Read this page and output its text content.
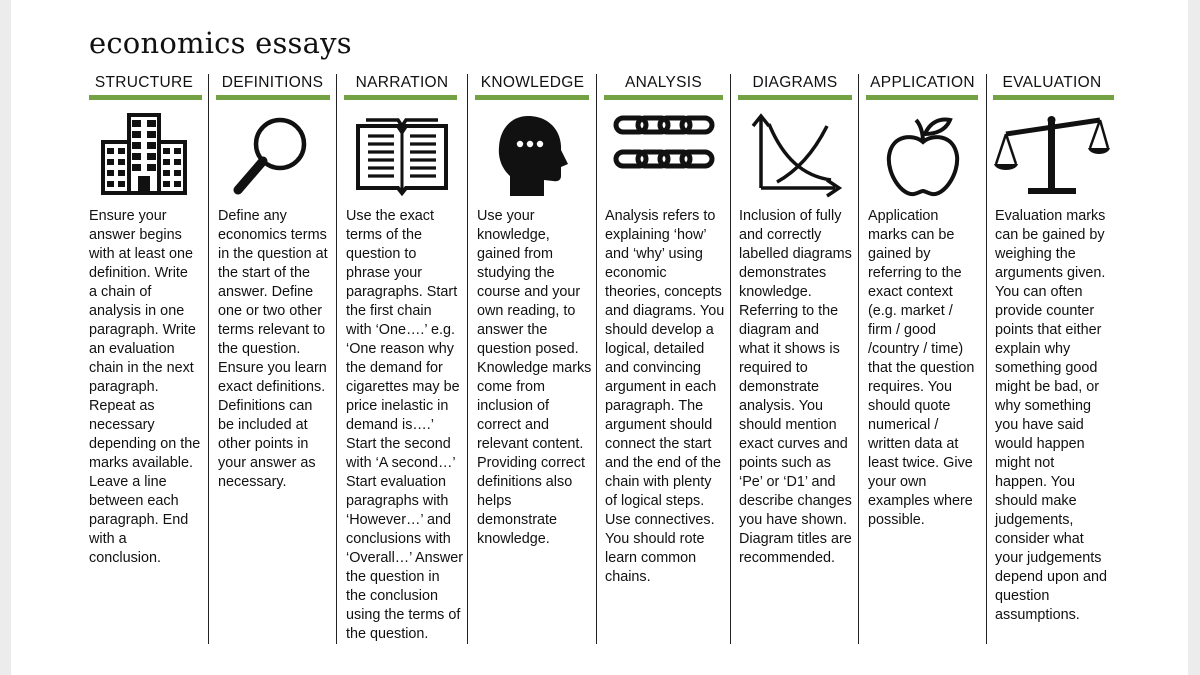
economics essays
STRUCTURE
Ensure your
answer begins
with at least one
definition. Write
a chain of
analysis in one
paragraph. Write
an evaluation
chain in the next
paragraph.
Repeat as
necessary
depending on the
marks available.
Leave a line
between each
paragraph. End
with a
conclusion.
DEFINITIONS
Define any
economics terms
in the question at
the start of the
answer. Define
one or two other
terms relevant to
the question.
Ensure you learn
exact definitions.
Definitions can
be included at
other points in
your answer as
necessary.
NARRATION
Use the exact
terms of the
question to
phrase your
paragraphs. Start
the first chain
with ‘One….’ e.g.
‘One reason why
the demand for
cigarettes may be
price inelastic in
demand is….’
Start the second
with ‘A second…’
Start evaluation
paragraphs with
‘However…’ and
conclusions with
‘Overall…’ Answer
the question in
the conclusion
using the terms of
the question.
KNOWLEDGE
Use your
knowledge,
gained from
studying the
course and your
own reading, to
answer the
question posed.
Knowledge marks
come from
inclusion of
correct and
relevant content.
Providing correct
definitions also
helps
demonstrate
knowledge.
ANALYSIS
Analysis refers to
explaining ‘how’
and ‘why’ using
economic
theories, concepts
and diagrams. You
should develop a
logical, detailed
and convincing
argument in each
paragraph. The
argument should
connect the start
and the end of the
chain with plenty
of logical steps.
Use connectives.
You should rote
learn common
chains.
DIAGRAMS
Inclusion of fully
and correctly
labelled diagrams
demonstrates
knowledge.
Referring to the
diagram and
what it shows is
required to
demonstrate
analysis. You
should mention
exact curves and
points such as
‘Pe’ or ‘D1’ and
describe changes
you have shown.
Diagram titles are
recommended.
APPLICATION
Application
marks can be
gained by
referring to the
exact context
(e.g. market /
firm / good
/country / time)
that the question
requires. You
should quote
numerical /
written data at
least twice. Give
your own
examples where
possible.
EVALUATION
Evaluation marks
can be gained by
weighing the
arguments given.
You can often
provide counter
points that either
explain why
something good
might be bad, or
why something
you have said
would happen
might not
happen. You
should make
judgements,
consider what
your judgements
depend upon and
question
assumptions.
